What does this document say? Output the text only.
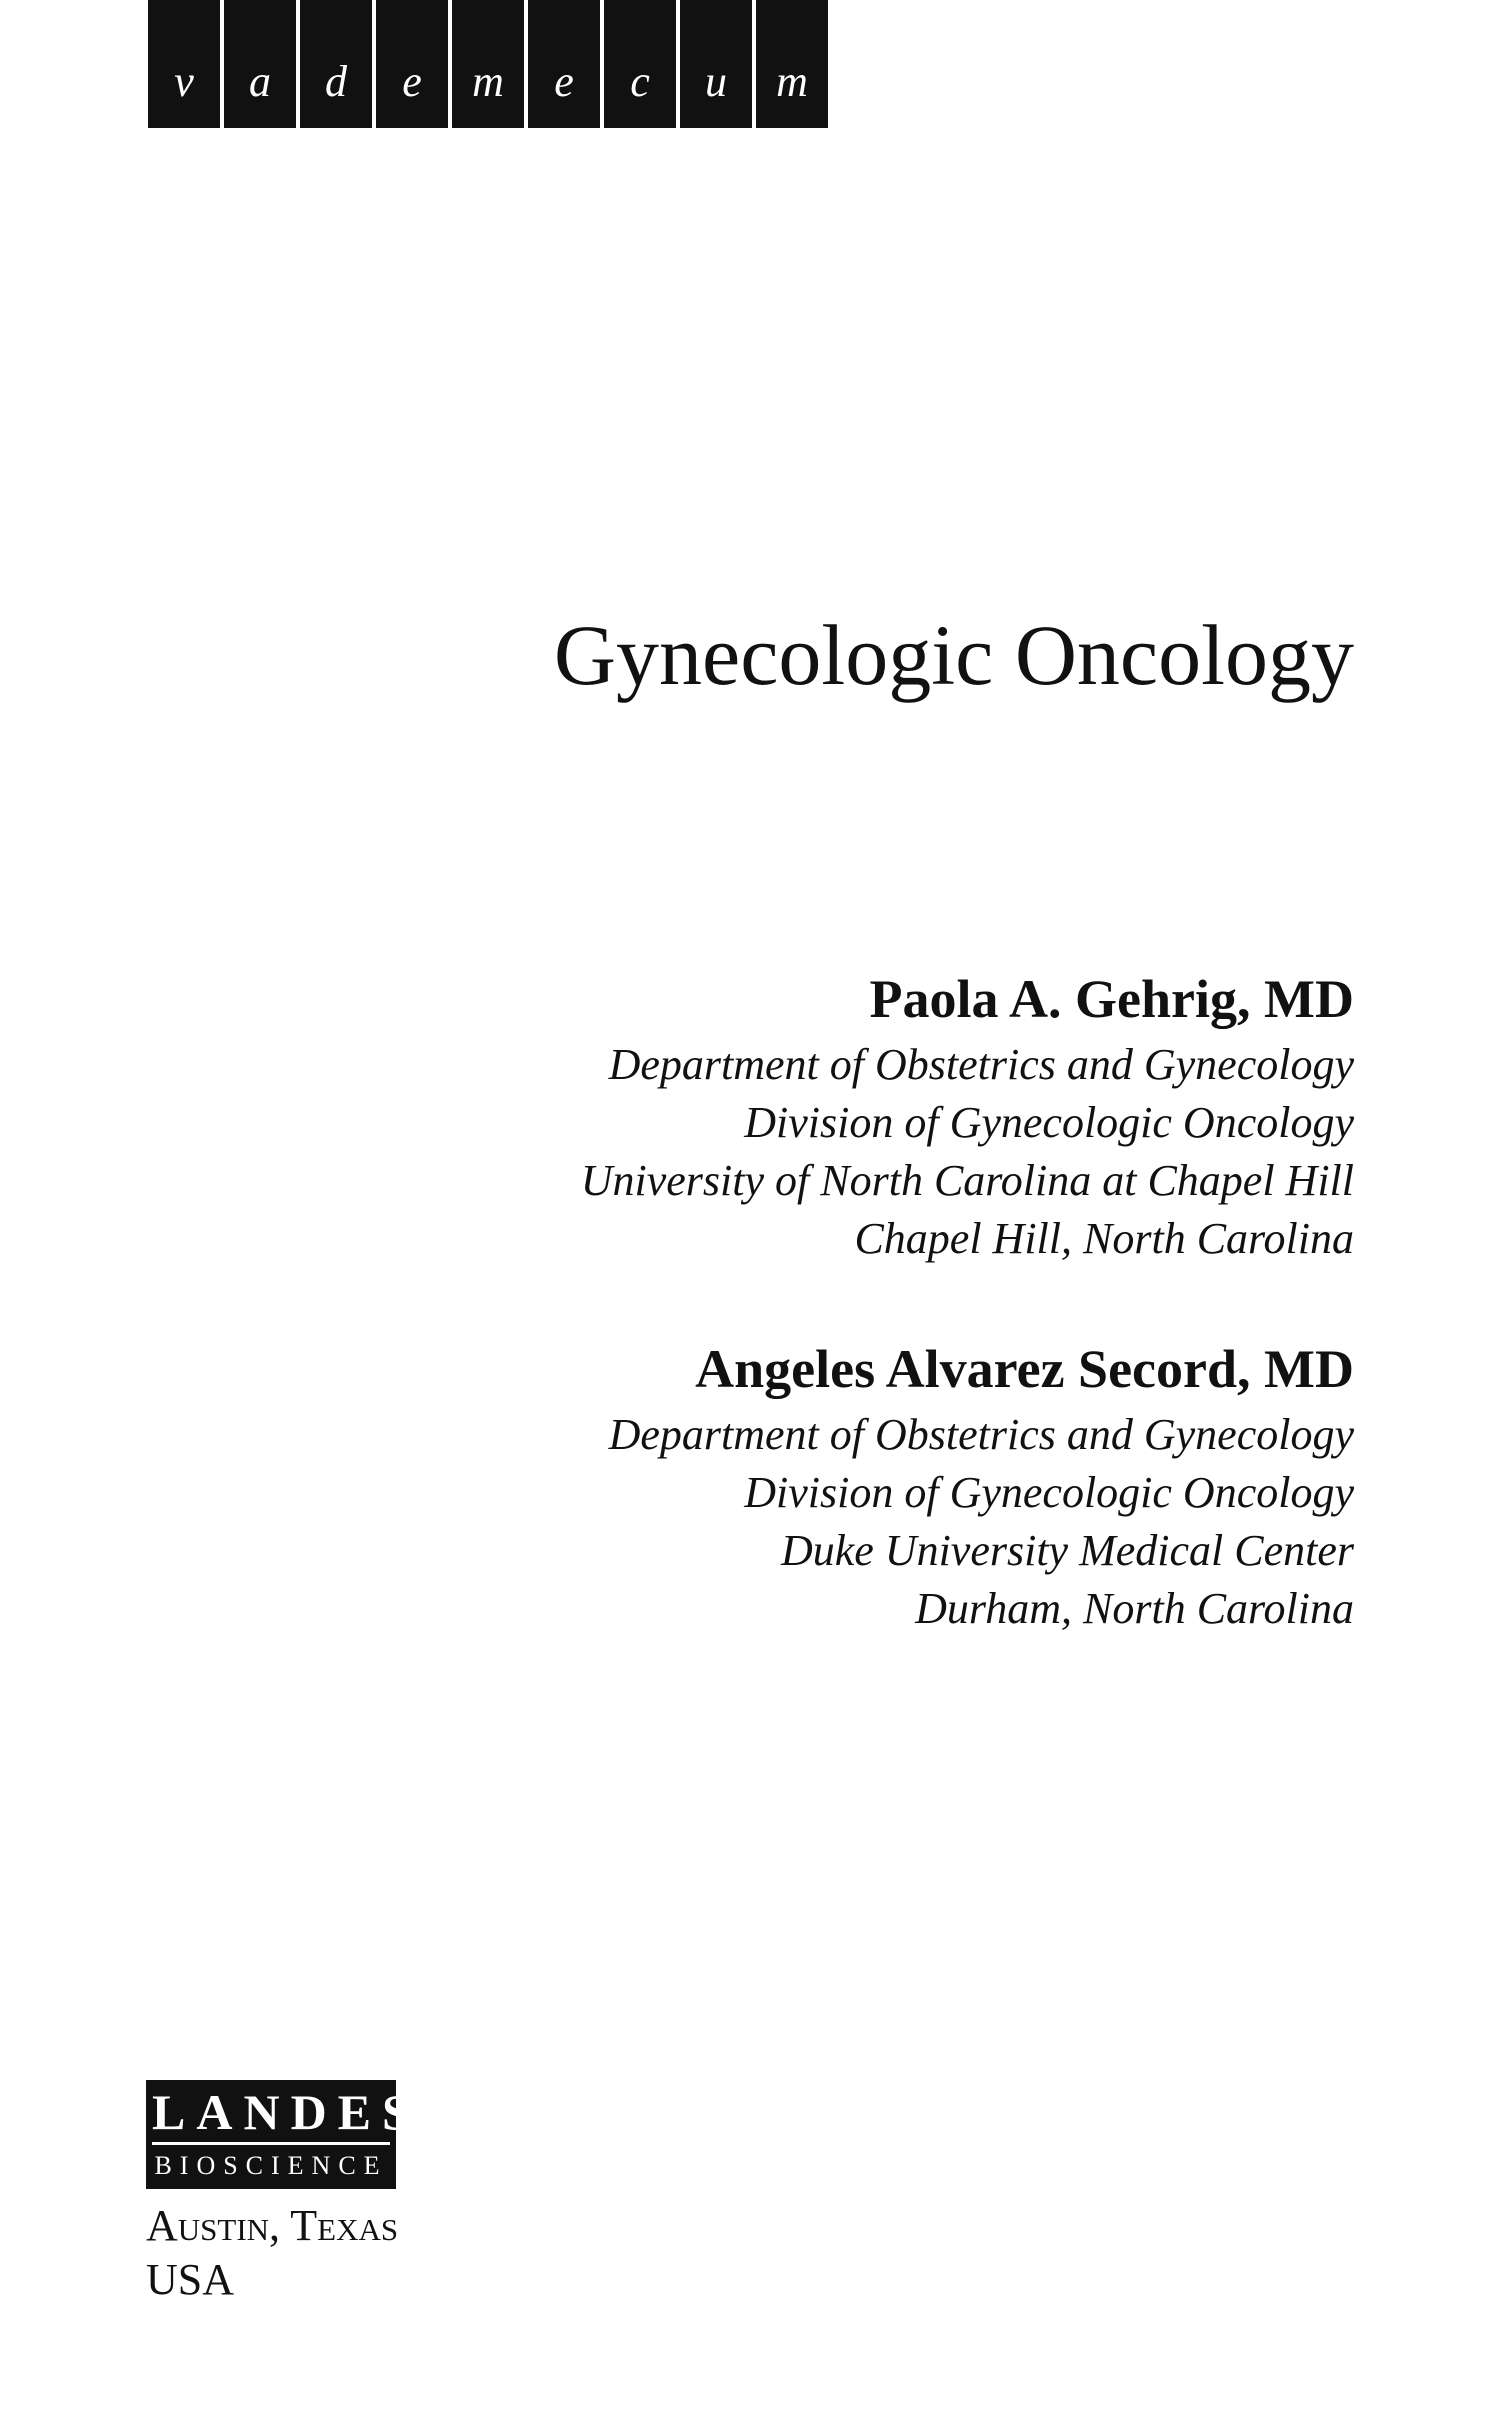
v	a	d	e	m	e	c	u	m
Gynecologic Oncology
Paola A. Gehrig, MD
Department of Obstetrics and Gynecology
Division of Gynecologic Oncology
University of North Carolina at Chapel Hill
Chapel Hill, North Carolina
Angeles Alvarez Secord, MD
Department of Obstetrics and Gynecology
Division of Gynecologic Oncology
Duke University Medical Center
Durham, North Carolina
LANDES
BIOSCIENCE
Austin, Texas
USA
